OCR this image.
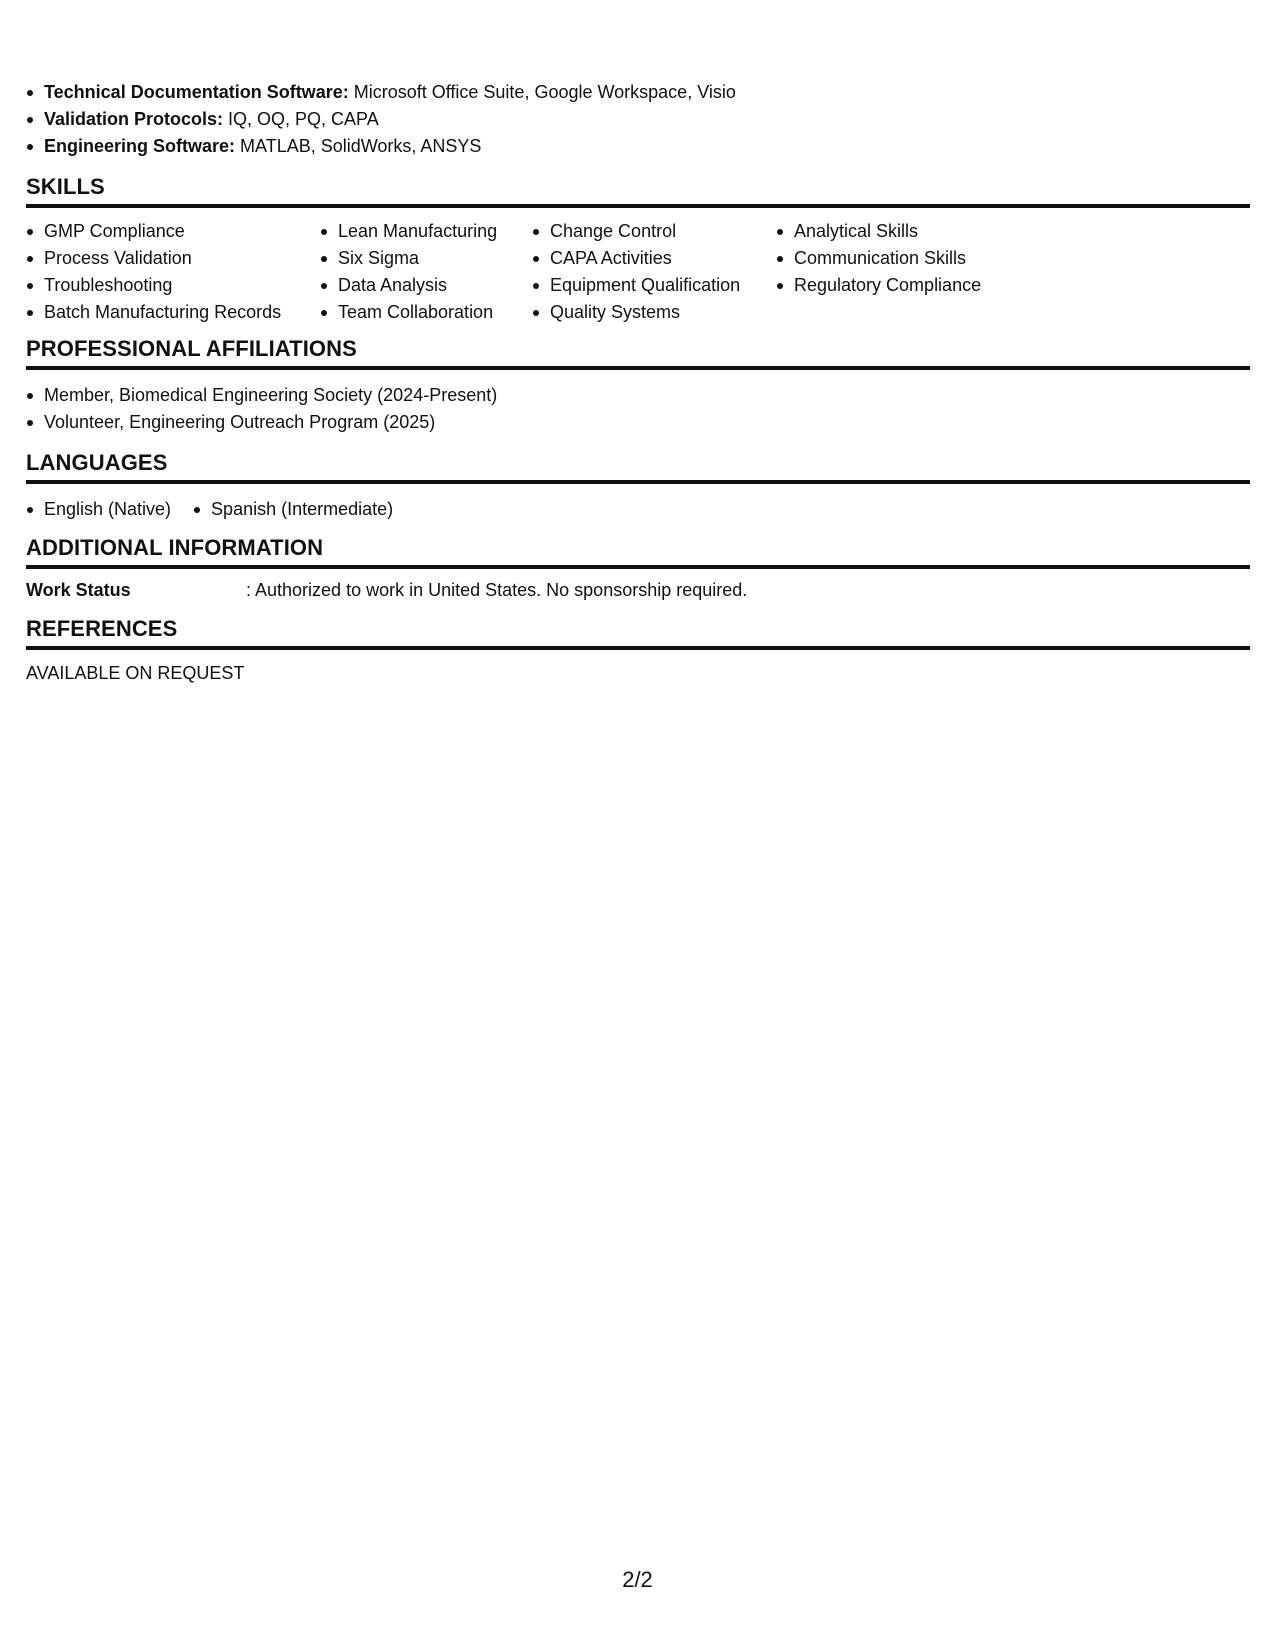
Technical Documentation Software: Microsoft Office Suite, Google Workspace, Visio
Validation Protocols: IQ, OQ, PQ, CAPA
Engineering Software: MATLAB, SolidWorks, ANSYS
SKILLS
GMP Compliance
Process Validation
Troubleshooting
Batch Manufacturing Records
Lean Manufacturing
Six Sigma
Data Analysis
Team Collaboration
Change Control
CAPA Activities
Equipment Qualification
Quality Systems
Analytical Skills
Communication Skills
Regulatory Compliance
PROFESSIONAL AFFILIATIONS
Member, Biomedical Engineering Society (2024-Present)
Volunteer, Engineering Outreach Program (2025)
LANGUAGES
English (Native)	Spanish (Intermediate)
ADDITIONAL INFORMATION
Work Status	: Authorized to work in United States. No sponsorship required.
REFERENCES
AVAILABLE ON REQUEST
2/2
